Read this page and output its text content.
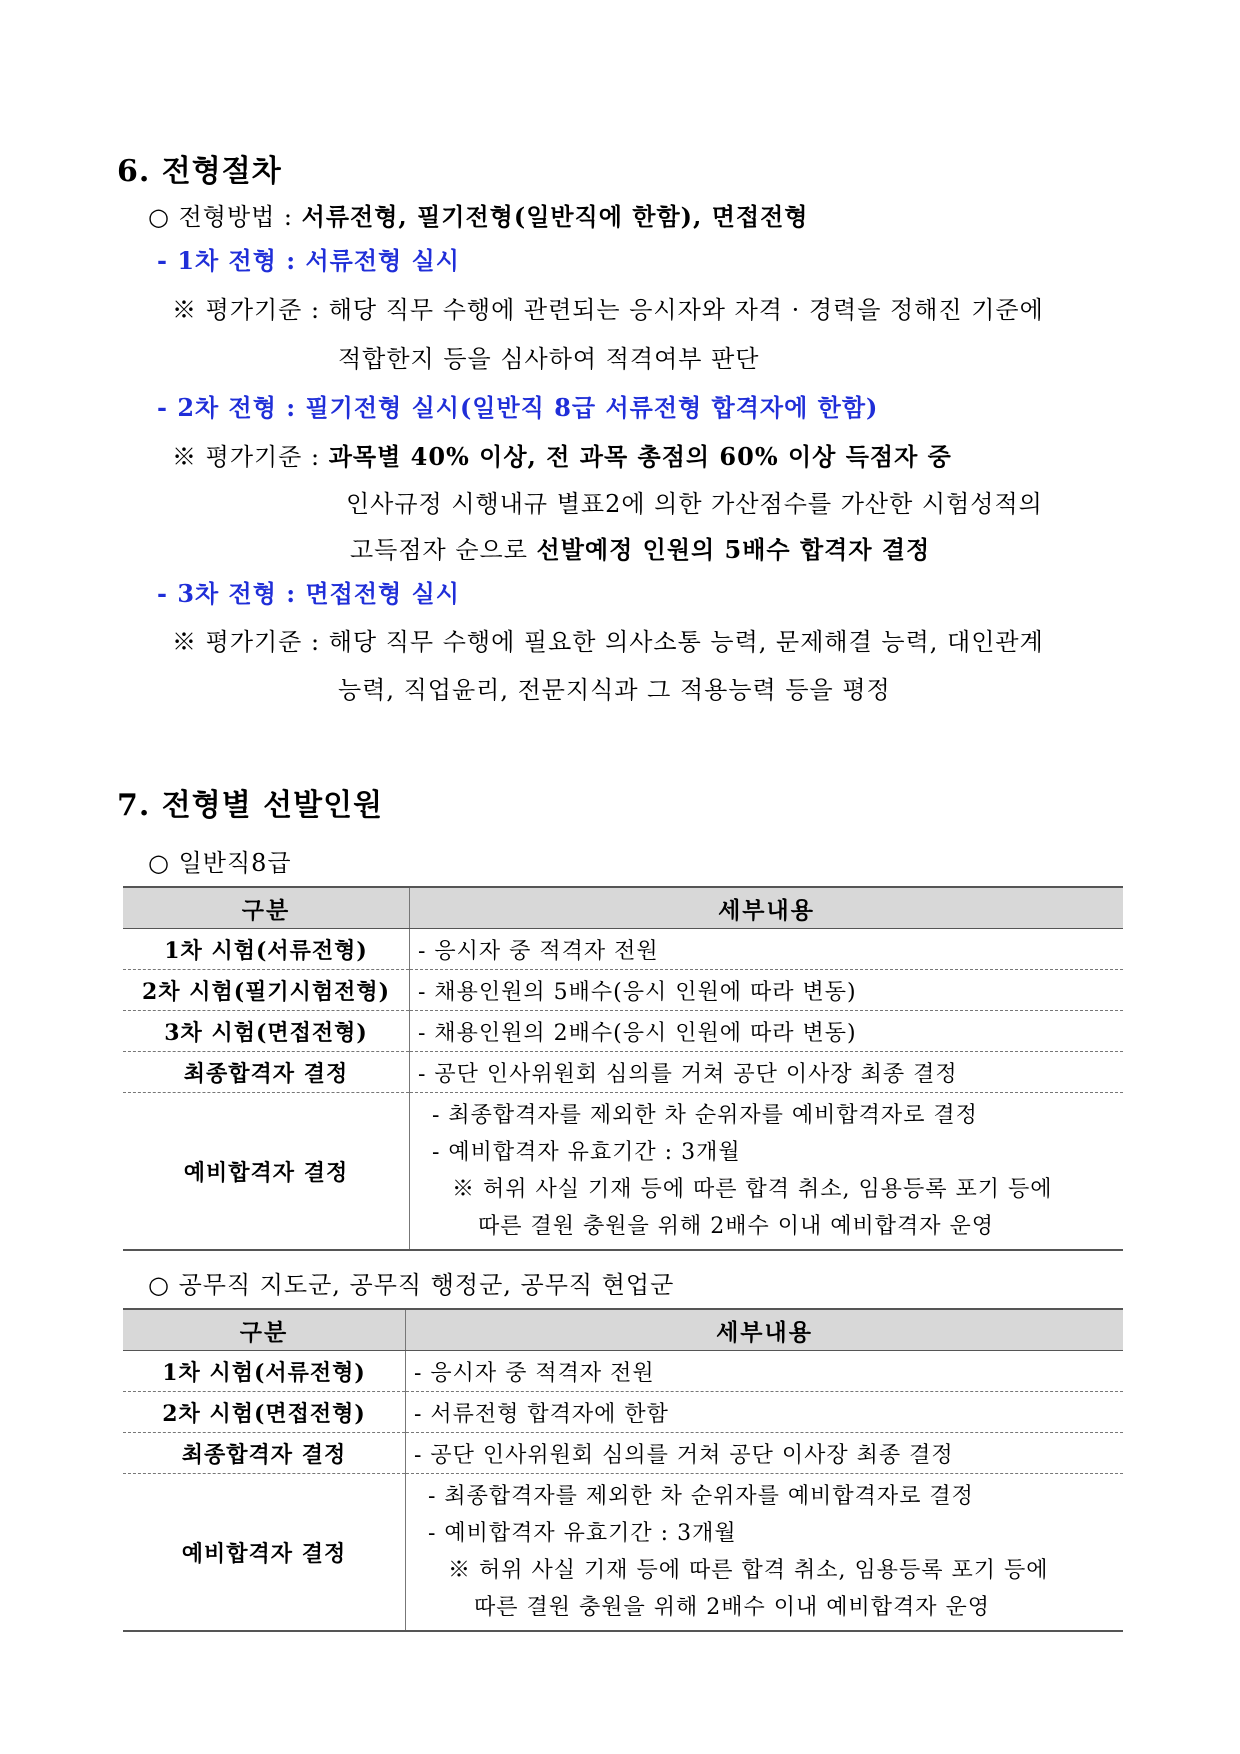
6. 전형절차
○ 전형방법 : 서류전형, 필기전형(일반직에 한함), 면접전형
- 1차 전형 : 서류전형 실시
※ 평가기준 : 해당 직무 수행에 관련되는 응시자와 자격 · 경력을 정해진 기준에
적합한지 등을 심사하여 적격여부 판단
- 2차 전형 : 필기전형 실시(일반직 8급 서류전형 합격자에 한함)
※ 평가기준 : 과목별 40% 이상, 전 과목 총점의 60% 이상 득점자 중
인사규정 시행내규 별표2에 의한 가산점수를 가산한 시험성적의
고득점자 순으로 선발예정 인원의 5배수 합격자 결정
- 3차 전형 : 면접전형 실시
※ 평가기준 : 해당 직무 수행에 필요한 의사소통 능력, 문제해결 능력, 대인관계
능력, 직업윤리, 전문지식과 그 적용능력 등을 평정
7. 전형별 선발인원
○ 일반직8급
구분	세부내용
1차 시험(서류전형)	- 응시자 중 적격자 전원
2차 시험(필기시험전형)	- 채용인원의 5배수(응시 인원에 따라 변동)
3차 시험(면접전형)	- 채용인원의 2배수(응시 인원에 따라 변동)
최종합격자 결정	- 공단 인사위원회 심의를 거쳐 공단 이사장 최종 결정
예비합격자 결정	- 최종합격자를 제외한 차 순위자를 예비합격자로 결정
- 예비합격자 유효기간 : 3개월
※ 허위 사실 기재 등에 따른 합격 취소, 임용등록 포기 등에
따른 결원 충원을 위해 2배수 이내 예비합격자 운영
○ 공무직 지도군, 공무직 행정군, 공무직 현업군
구분	세부내용
1차 시험(서류전형)	- 응시자 중 적격자 전원
2차 시험(면접전형)	- 서류전형 합격자에 한함
최종합격자 결정	- 공단 인사위원회 심의를 거쳐 공단 이사장 최종 결정
예비합격자 결정	- 최종합격자를 제외한 차 순위자를 예비합격자로 결정
- 예비합격자 유효기간 : 3개월
※ 허위 사실 기재 등에 따른 합격 취소, 임용등록 포기 등에
따른 결원 충원을 위해 2배수 이내 예비합격자 운영
